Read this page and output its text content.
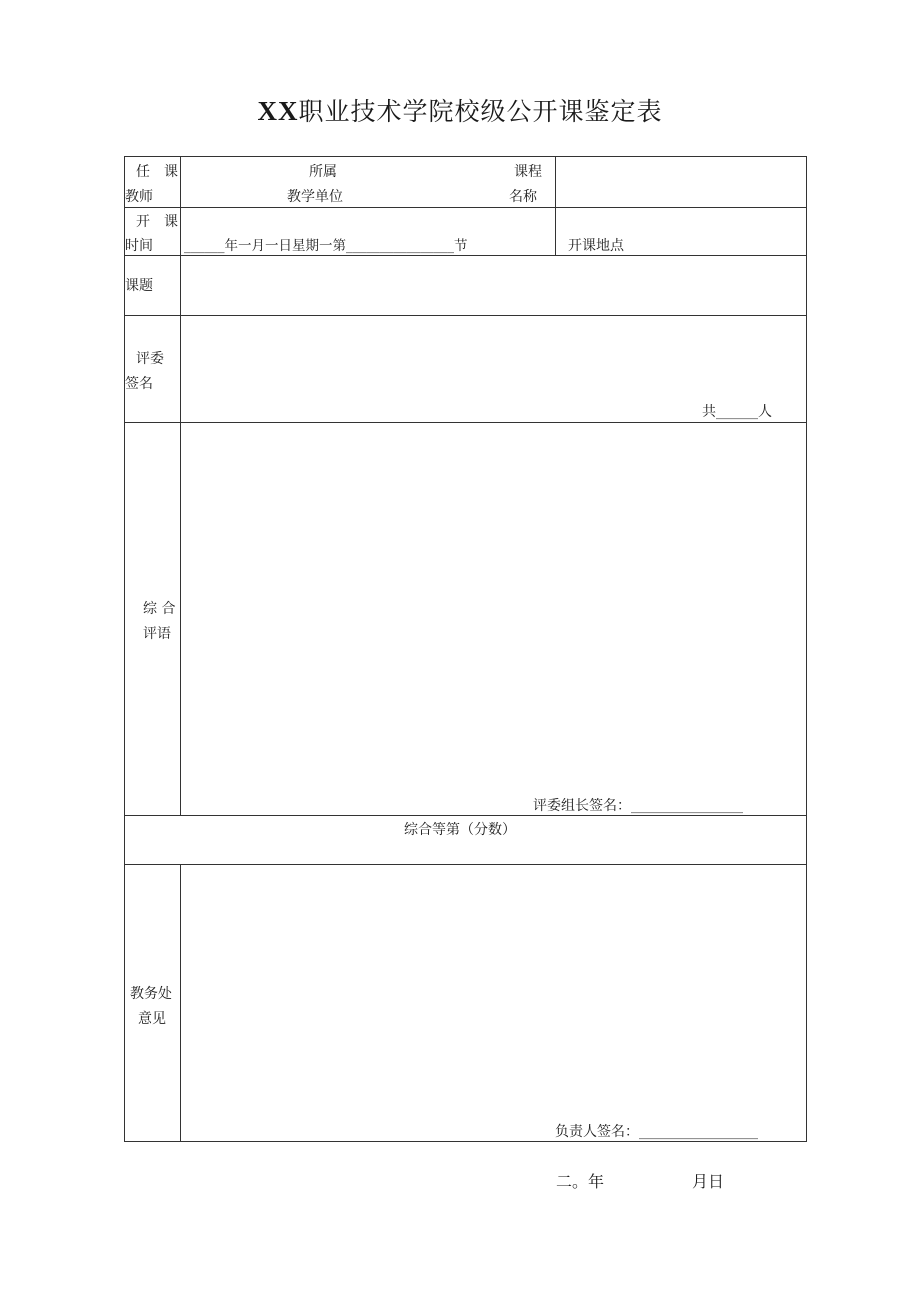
XX职业技术学院校级公开课鉴定表
任　课
教师
所属
教学单位
课程
名称
开　课
时间 ______年一月一日星期一第________________节	开课地点
课题
评委
签名
共______人
综 合
评语
评委组长签名：________________
综合等第（分数）
教务处
意见
负责人签名：_________________
二。年	月日
